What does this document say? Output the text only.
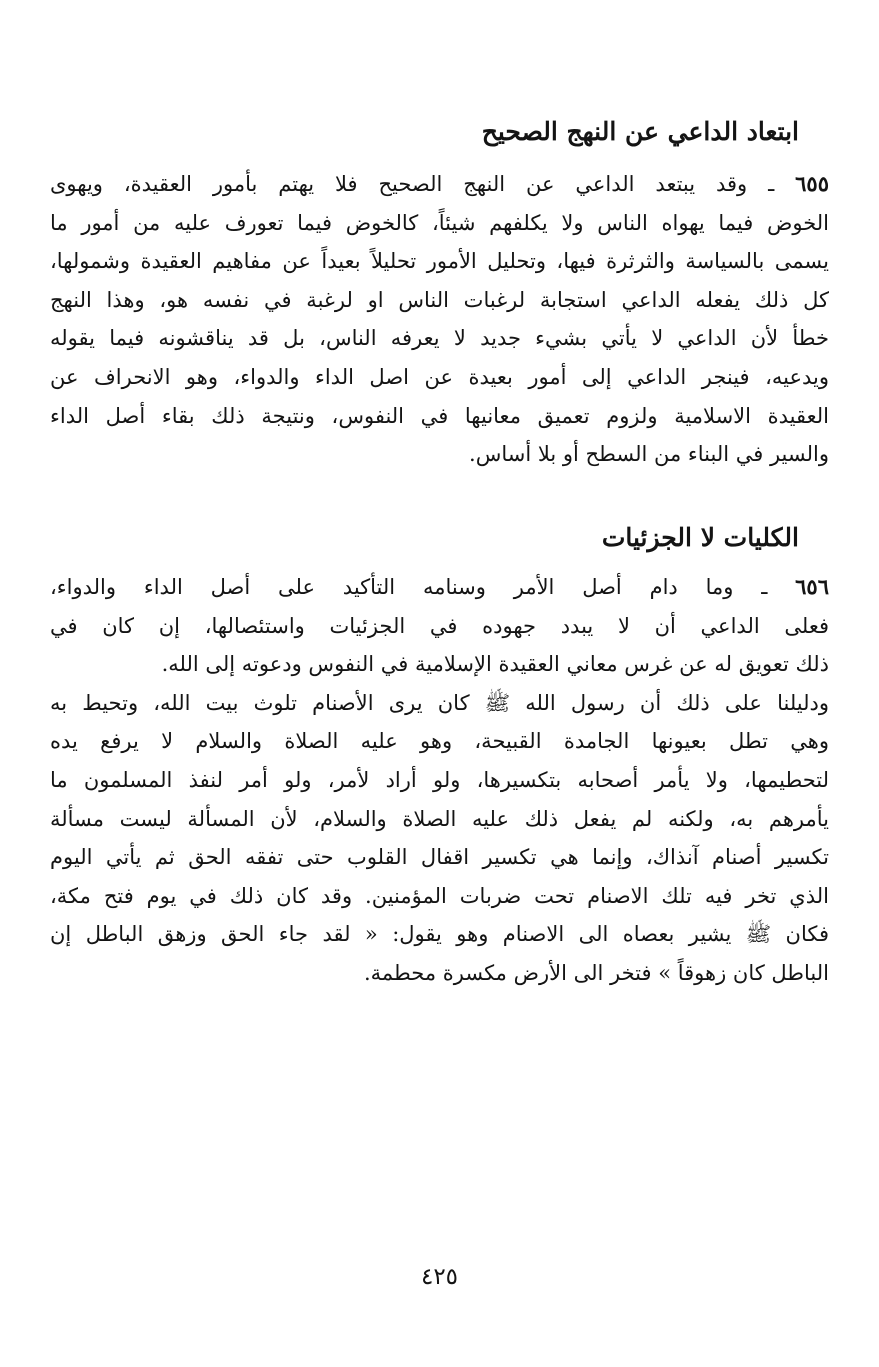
ابتعاد الداعي عن النهج الصحيح
٦٥٥ ـ وقد يبتعد الداعي عن النهج الصحيح فلا يهتم بأمور العقيدة، ويهوى
الخوض فيما يهواه الناس ولا يكلفهم شيئاً، كالخوض فيما تعورف عليه من أمور ما
يسمى بالسياسة والثرثرة فيها، وتحليل الأمور تحليلاً بعيداً عن مفاهيم العقيدة وشمولها،
كل ذلك يفعله الداعي استجابة لرغبات الناس او لرغبة في نفسه هو، وهذا النهج
خطأ لأن الداعي لا يأتي بشيء جديد لا يعرفه الناس، بل قد يناقشونه فيما يقوله
ويدعيه، فينجر الداعي إلى أمور بعيدة عن اصل الداء والدواء، وهو الانحراف عن
العقيدة الاسلامية ولزوم تعميق معانيها في النفوس، ونتيجة ذلك بقاء أصل الداء
والسير في البناء من السطح أو بلا أساس.
الكليات لا الجزئيات
٦٥٦ ـ وما دام أصل الأمر وسنامه التأكيد على أصل الداء والدواء،
فعلى الداعي أن لا يبدد جهوده في الجزئيات واستئصالها، إن كان في
ذلك تعويق له عن غرس معاني العقيدة الإسلامية في النفوس ودعوته إلى الله.
ودليلنا على ذلك أن رسول الله ﷺ كان يرى الأصنام تلوث بيت الله، وتحيط به
وهي تطل بعيونها الجامدة القبيحة، وهو عليه الصلاة والسلام لا يرفع يده
لتحطيمها، ولا يأمر أصحابه بتكسيرها، ولو أراد لأمر، ولو أمر لنفذ المسلمون ما
يأمرهم به، ولكنه لم يفعل ذلك عليه الصلاة والسلام، لأن المسألة ليست مسألة
تكسير أصنام آنذاك، وإنما هي تكسير اقفال القلوب حتى تفقه الحق ثم يأتي اليوم
الذي تخر فيه تلك الاصنام تحت ضربات المؤمنين. وقد كان ذلك في يوم فتح مكة،
فكان ﷺ يشير بعصاه الى الاصنام وهو يقول: « لقد جاء الحق وزهق الباطل إن
الباطل كان زهوقاً » فتخر الى الأرض مكسرة محطمة.

٤٢٥
